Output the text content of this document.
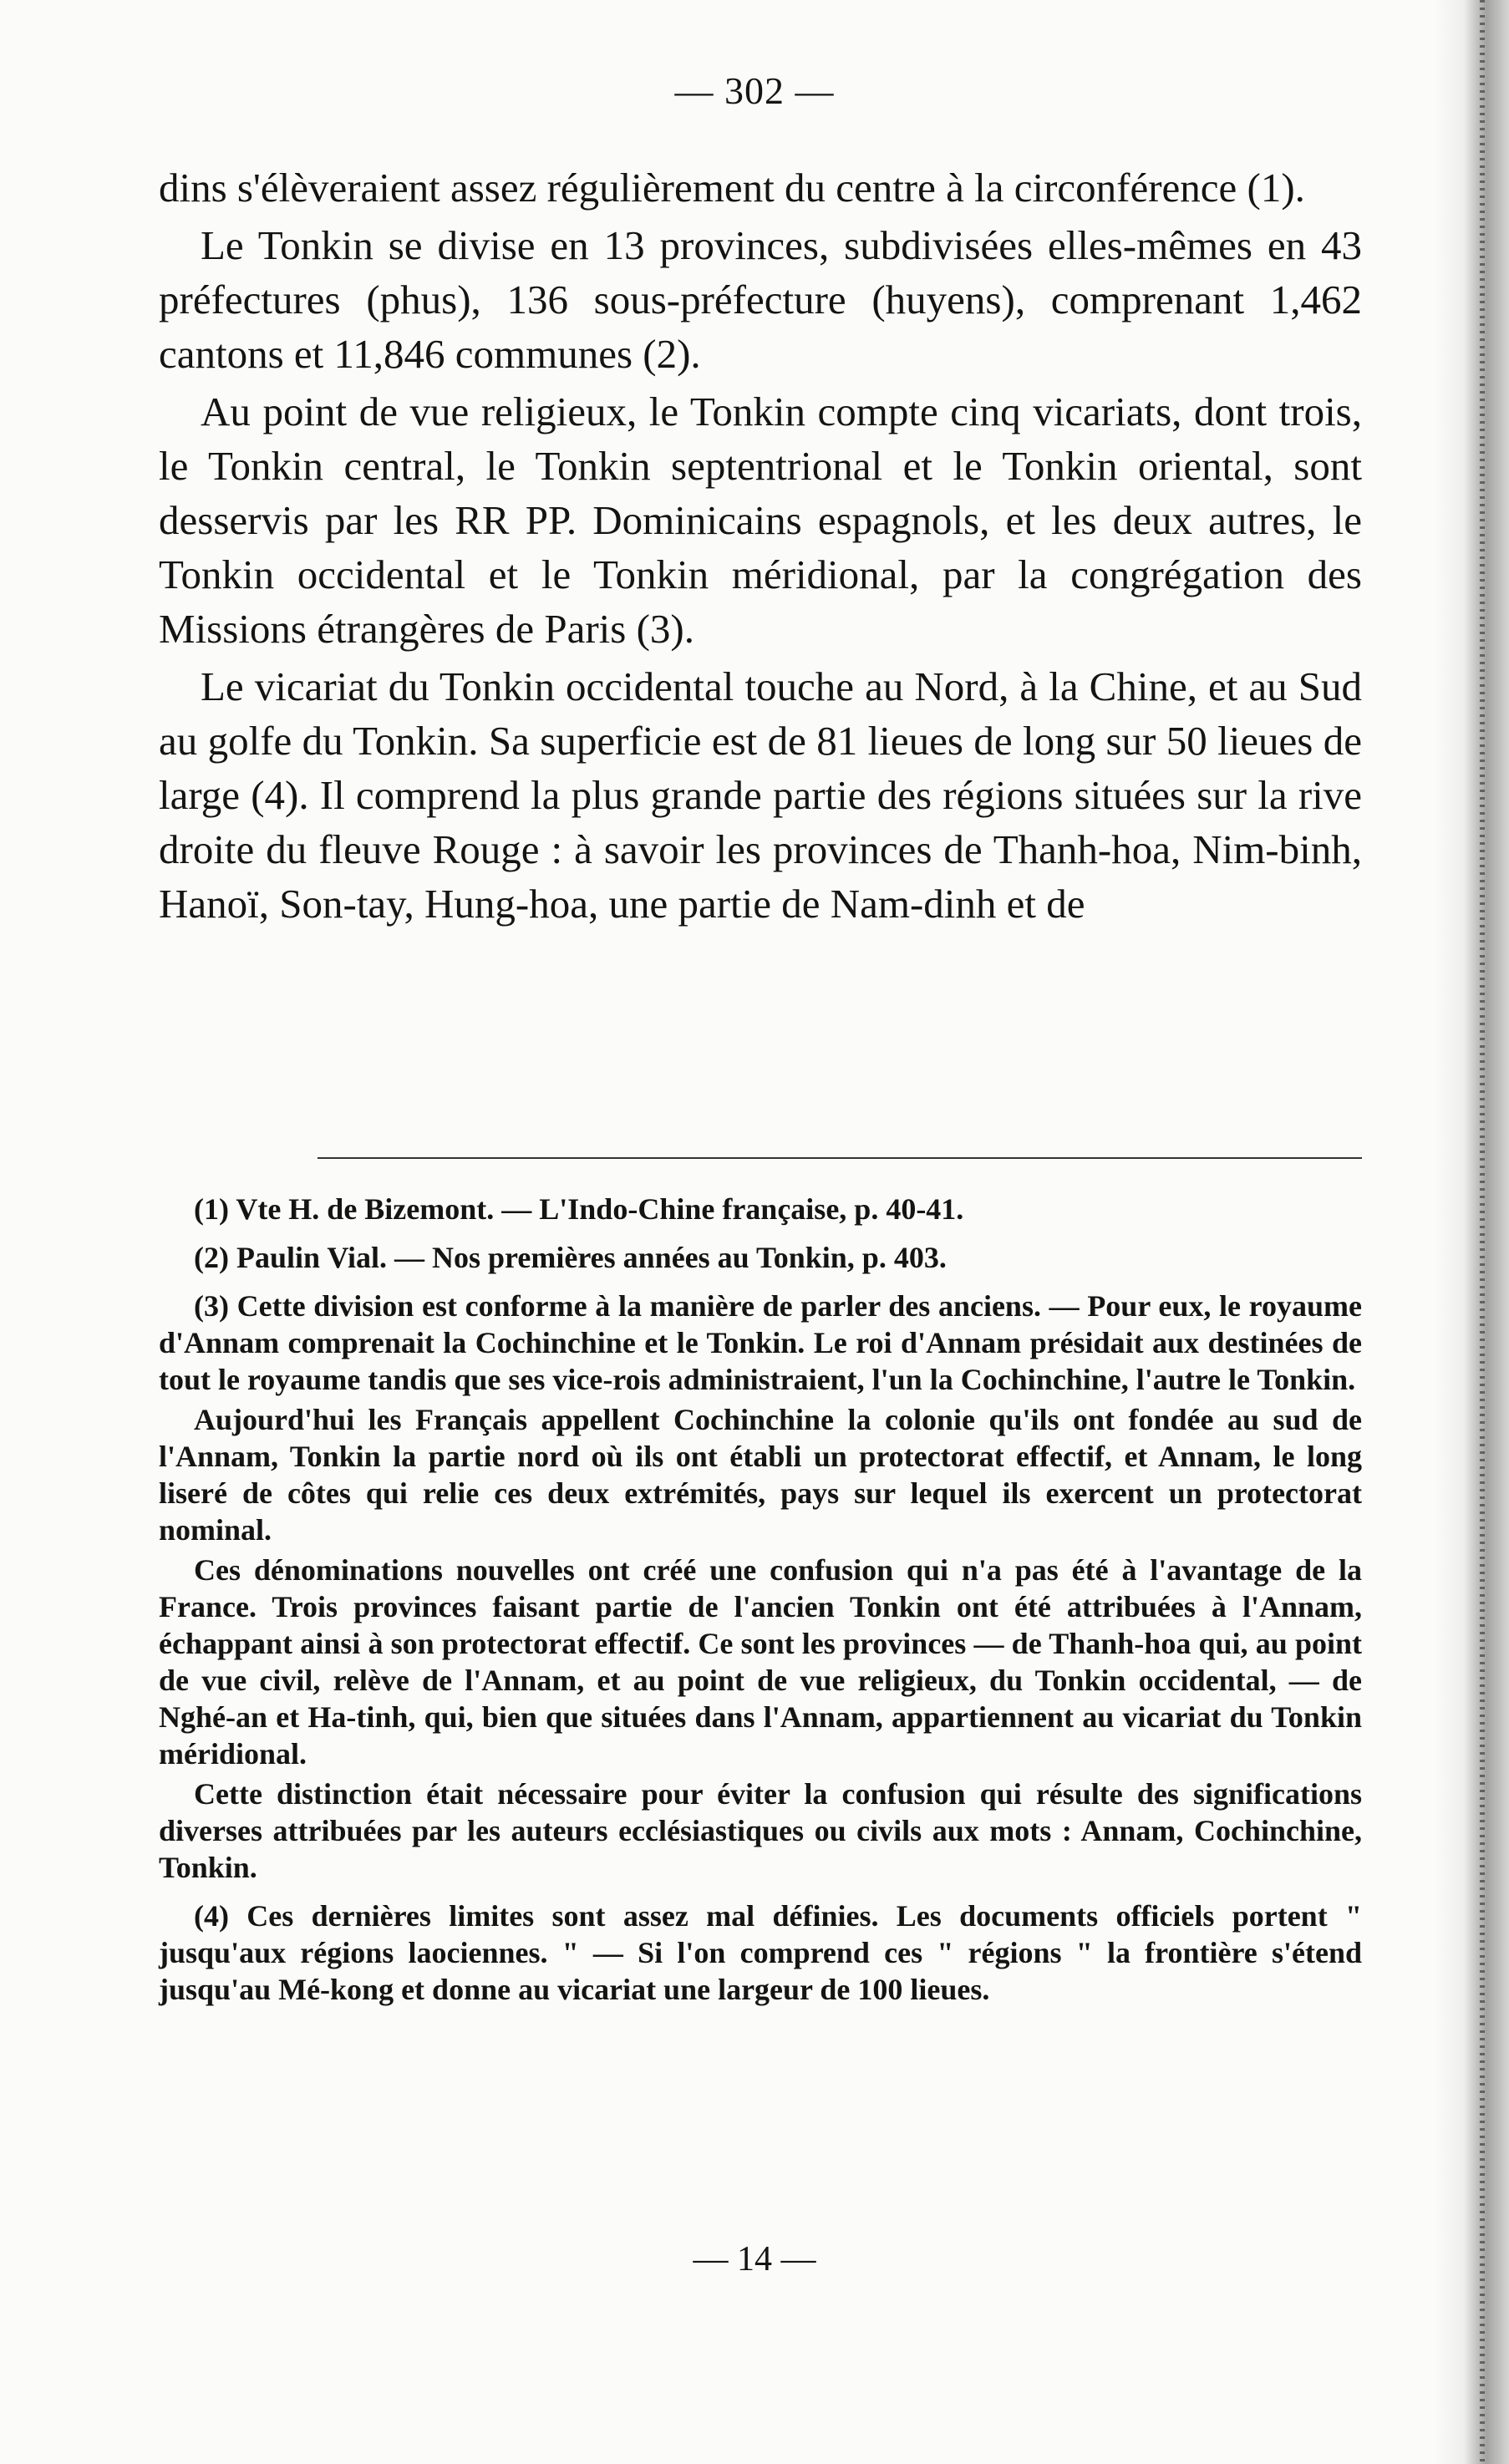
— 302 —

dins s'élèveraient assez régulièrement du centre à la circonférence (1).

Le Tonkin se divise en 13 provinces, subdivisées elles-mêmes en 43 préfectures (phus), 136 sous-préfecture (huyens), comprenant 1,462 cantons et 11,846 communes (2).

Au point de vue religieux, le Tonkin compte cinq vicariats, dont trois, le Tonkin central, le Tonkin septentrional et le Tonkin oriental, sont desservis par les RR PP. Dominicains espagnols, et les deux autres, le Tonkin occidental et le Tonkin méridional, par la congrégation des Missions étrangères de Paris (3).

Le vicariat du Tonkin occidental touche au Nord, à la Chine, et au Sud au golfe du Tonkin. Sa superficie est de 81 lieues de long sur 50 lieues de large (4). Il comprend la plus grande partie des régions situées sur la rive droite du fleuve Rouge : à savoir les provinces de Thanh-hoa, Nim-binh, Hanoï, Son-tay, Hung-hoa, une partie de Nam-dinh et de

(1) Vte H. de Bizemont. — L'Indo-Chine française, p. 40-41.

(2) Paulin Vial. — Nos premières années au Tonkin, p. 403.

(3) Cette division est conforme à la manière de parler des anciens. — Pour eux, le royaume d'Annam comprenait la Cochinchine et le Tonkin. Le roi d'Annam présidait aux destinées de tout le royaume tandis que ses vice-rois administraient, l'un la Cochinchine, l'autre le Tonkin.

Aujourd'hui les Français appellent Cochinchine la colonie qu'ils ont fondée au sud de l'Annam, Tonkin la partie nord où ils ont établi un protectorat effectif, et Annam, le long liseré de côtes qui relie ces deux extrémités, pays sur lequel ils exercent un protectorat nominal.

Ces dénominations nouvelles ont créé une confusion qui n'a pas été à l'avantage de la France. Trois provinces faisant partie de l'ancien Tonkin ont été attribuées à l'Annam, échappant ainsi à son protectorat effectif. Ce sont les provinces — de Thanh-hoa qui, au point de vue civil, relève de l'Annam, et au point de vue religieux, du Tonkin occidental, — de Nghé-an et Ha-tinh, qui, bien que situées dans l'Annam, appartiennent au vicariat du Tonkin méridional.

Cette distinction était nécessaire pour éviter la confusion qui résulte des significations diverses attribuées par les auteurs ecclésiastiques ou civils aux mots : Annam, Cochinchine, Tonkin.

(4) Ces dernières limites sont assez mal définies. Les documents officiels portent " jusqu'aux régions laociennes. " — Si l'on comprend ces " régions " la frontière s'étend jusqu'au Mé-kong et donne au vicariat une largeur de 100 lieues.

— 14 —
